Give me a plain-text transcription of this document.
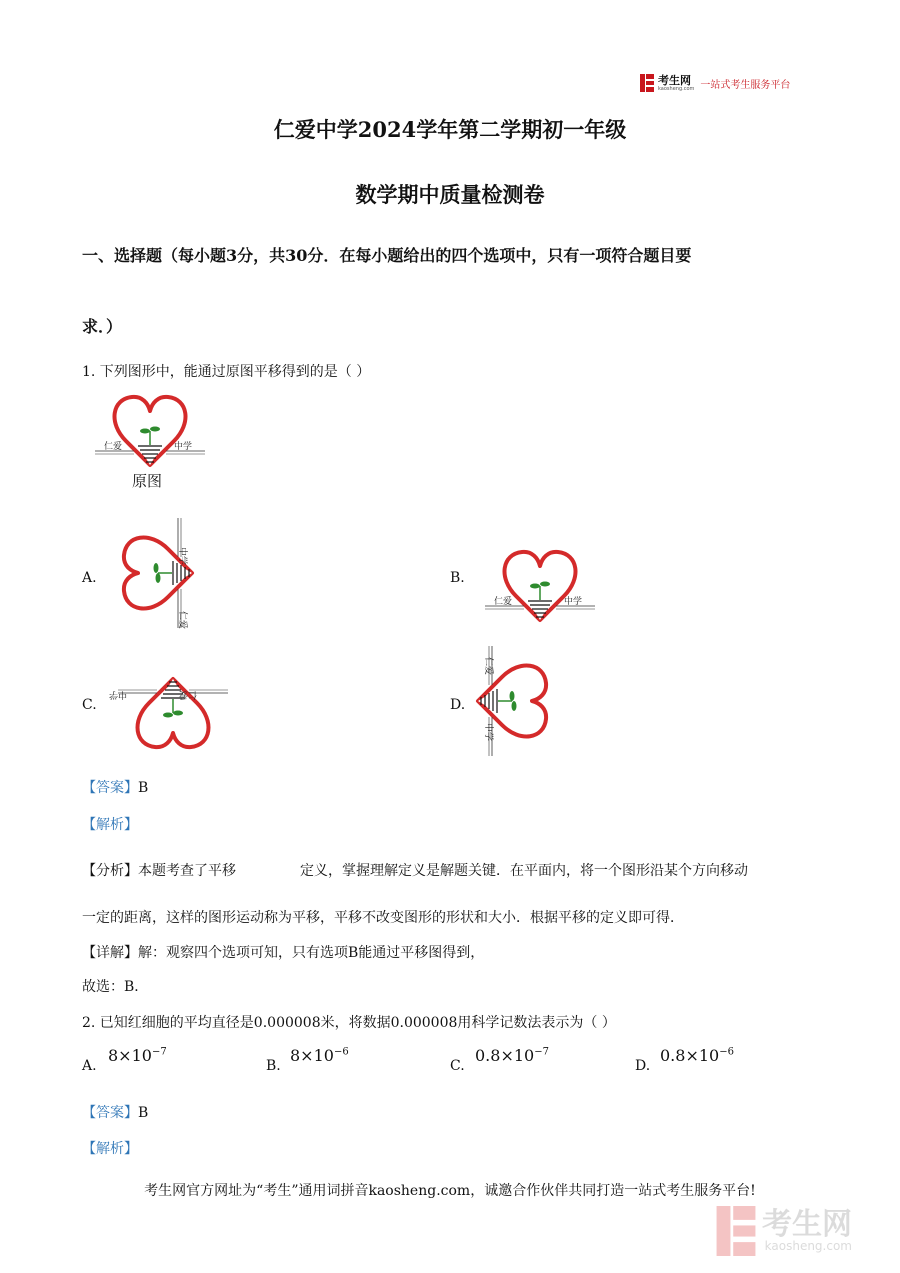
考生网
kaosheng.com 一站式考生服务平台
仁爱中学2024学年第二学期初一年级
数学期中质量检测卷
一、选择题（每小题3分，共30分．在每小题给出的四个选项中，只有一项符合题目要
求．）
1. 下列图形中，能通过原图平移得到的是（ ）
仁爱	中学
原图
A.
中学
仁爱
B.
仁爱	中学
C.
中学	仁爱
D.
仁爱
中学
【答案】B
【解析】
【分析】本题考查了平移	定义，掌握理解定义是解题关键．在平面内，将一个图形沿某个方向移动
一定的距离，这样的图形运动称为平移，平移不改变图形的形状和大小．根据平移的定义即可得．
【详解】解：观察四个选项可知，只有选项B能通过平移图得到，
故选：B．
2. 已知红细胞的平均直径是0.000008米，将数据0.000008用科学记数法表示为（ ）
A.
$8\times 10^{-7}$
B.
$8\times 10^{-6}$
C.
$0.8\times 10^{-7}$
D.
$0.8\times 10^{-6}$
【答案】B
【解析】
考生网官方网址为“考生”通用词拼音kaosheng.com，诚邀合作伙伴共同打造一站式考生服务平台!
考生网
kaosheng.com
